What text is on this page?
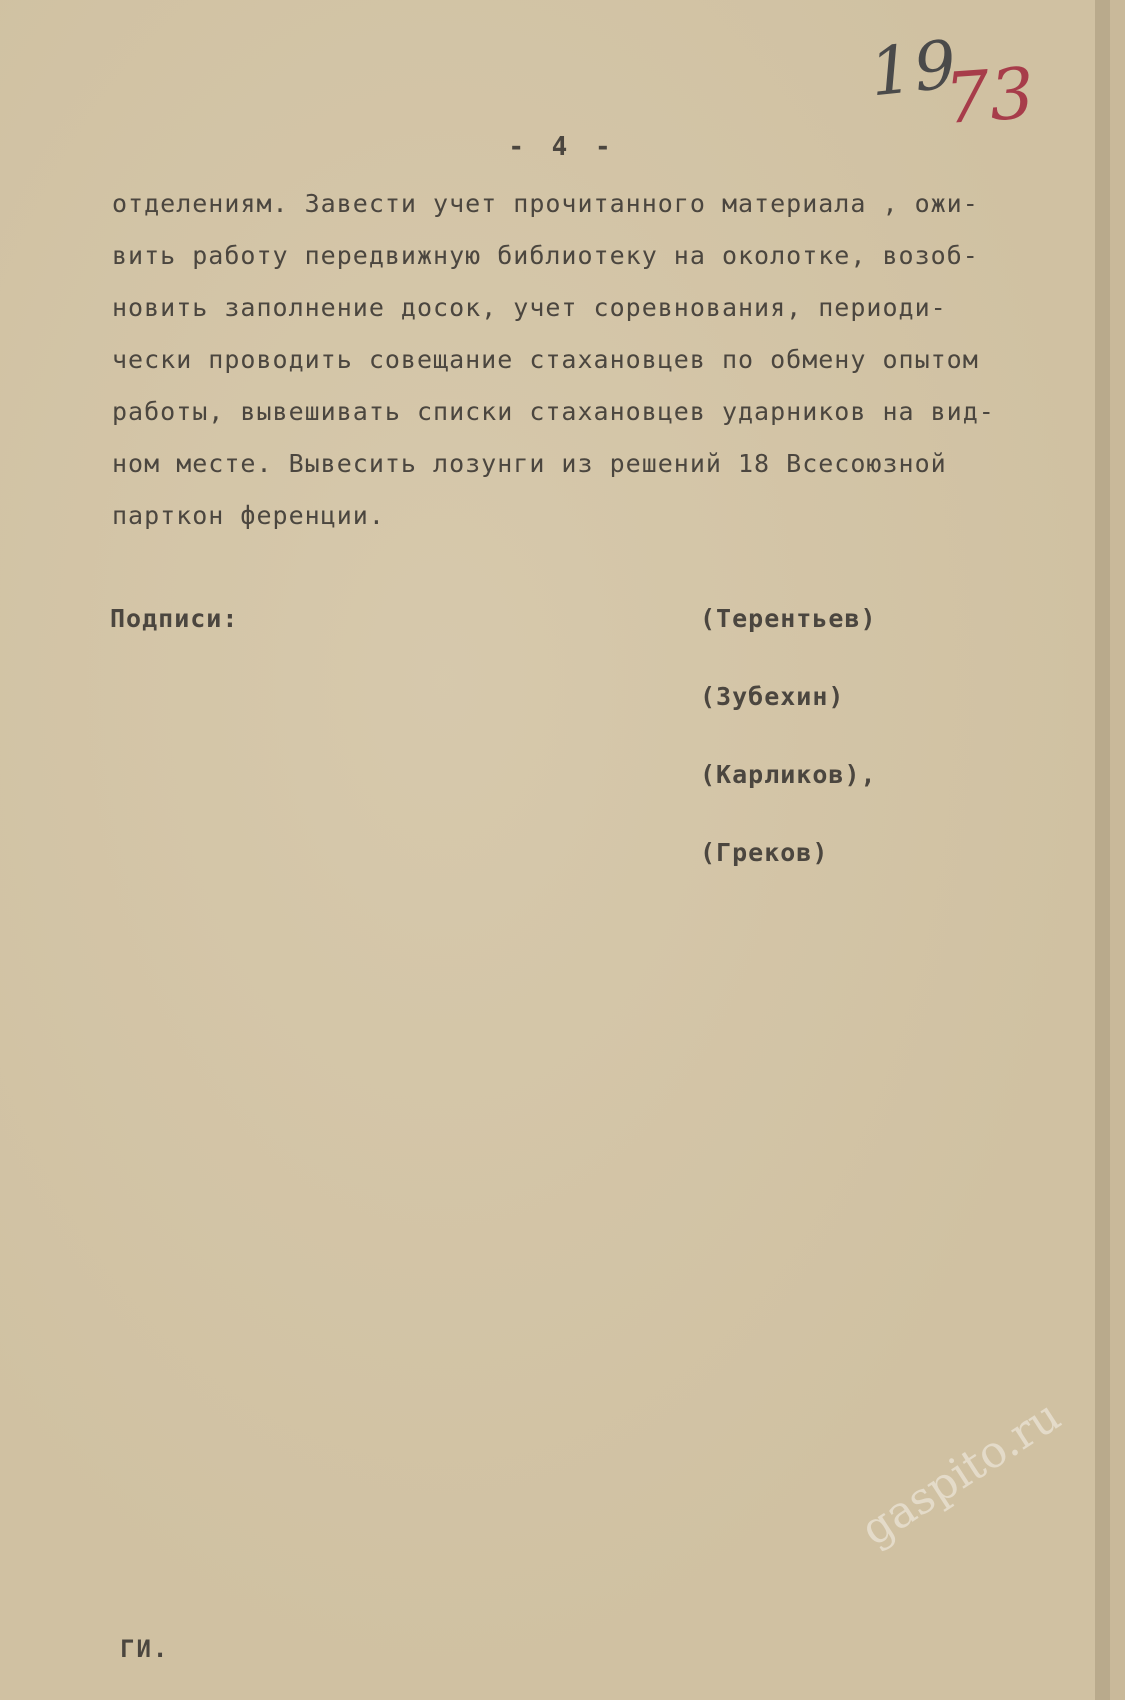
19
73
- 4 -
отделениям. Завести учет прочитанного материала , ожи-
вить работу передвижную библиотеку на околотке, возоб-
новить заполнение досок, учет соревнования, периоди-
чески проводить совещание стахановцев по обмену опытом
работы, вывешивать списки стахановцев ударников на вид-
ном месте. Вывесить лозунги из решений 18 Всесоюзной
парткон ференции.
Подписи:	(Терентьев)
(Зубехин)
(Карликов),
(Греков)
ГИ.
gaspito.ru
